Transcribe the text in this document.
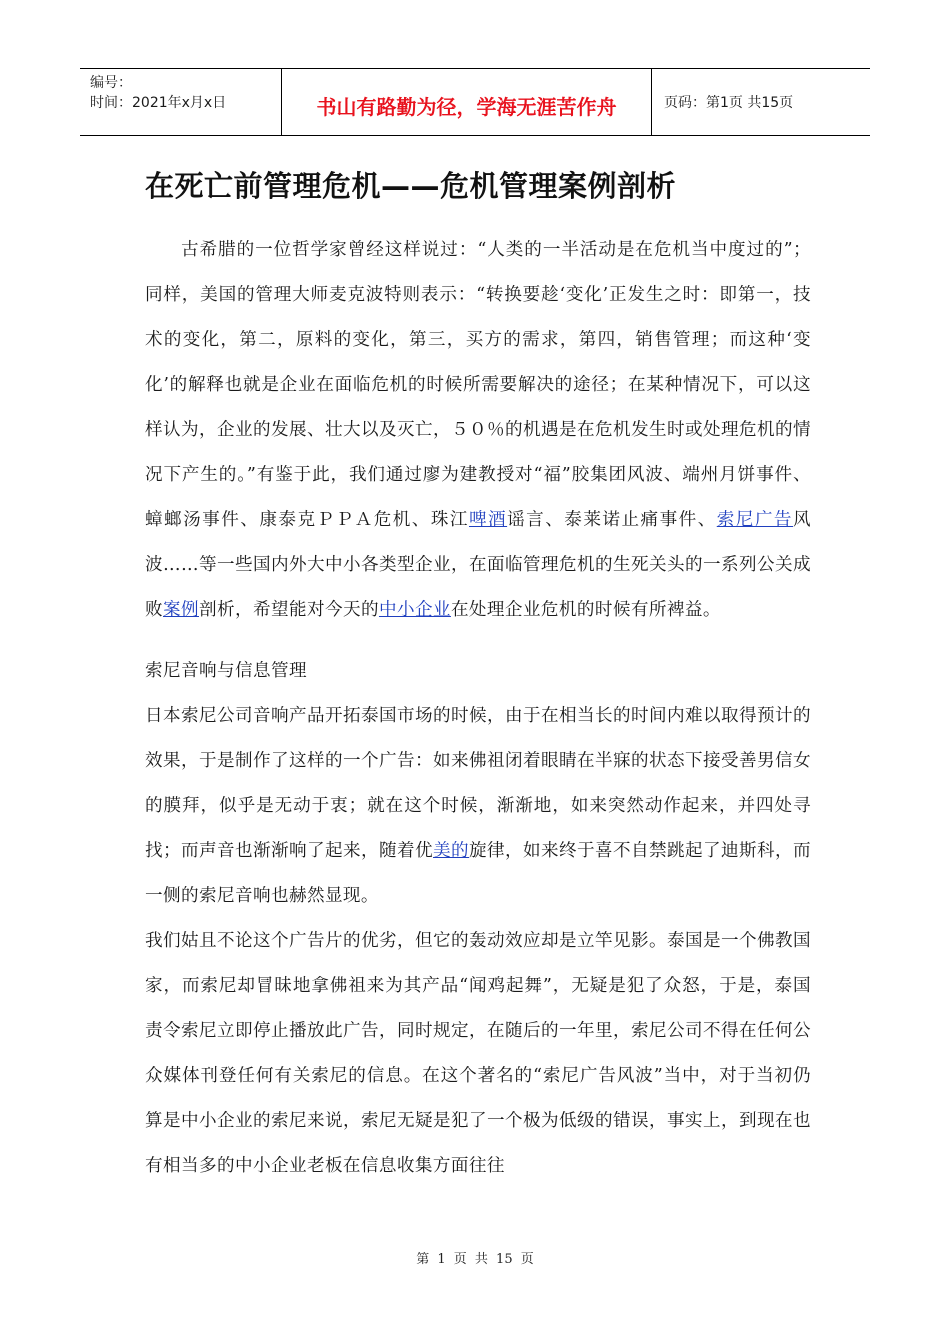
编号：
时间：2021年x月x日	书山有路勤为径，学海无涯苦作舟	页码：第1页 共15页
在死亡前管理危机——危机管理案例剖析

古希腊的一位哲学家曾经这样说过：“人类的一半活动是在危机当中度过的”；同样，美国的管理大师麦克波特则表示：“转换要趁‘变化’正发生之时：即第一，技术的变化，第二，原料的变化，第三，买方的需求，第四，销售管理；而这种‘变化’的解释也就是企业在面临危机的时候所需要解决的途径；在某种情况下，可以这样认为，企业的发展、壮大以及灭亡，５０％的机遇是在危机发生时或处理危机的情况下产生的。”有鉴于此，我们通过廖为建教授对“福”胶集团风波、端州月饼事件、蟑螂汤事件、康泰克ＰＰＡ危机、珠江啤酒谣言、泰莱诺止痛事件、索尼广告风波……等一些国内外大中小各类型企业，在面临管理危机的生死关头的一系列公关成败案例剖析，希望能对今天的中小企业在处理企业危机的时候有所裨益。

索尼音响与信息管理

日本索尼公司音响产品开拓泰国市场的时候，由于在相当长的时间内难以取得预计的效果，于是制作了这样的一个广告：如来佛祖闭着眼睛在半寐的状态下接受善男信女的膜拜，似乎是无动于衷；就在这个时候，渐渐地，如来突然动作起来，并四处寻找；而声音也渐渐响了起来，随着优美的旋律，如来终于喜不自禁跳起了迪斯科，而一侧的索尼音响也赫然显现。

我们姑且不论这个广告片的优劣，但它的轰动效应却是立竿见影。泰国是一个佛教国家，而索尼却冒昧地拿佛祖来为其产品“闻鸡起舞”，无疑是犯了众怒，于是，泰国责令索尼立即停止播放此广告，同时规定，在随后的一年里，索尼公司不得在任何公众媒体刊登任何有关索尼的信息。在这个著名的“索尼广告风波”当中，对于当初仍算是中小企业的索尼来说，索尼无疑是犯了一个极为低级的错误，事实上，到现在也有相当多的中小企业老板在信息收集方面往往

第 1 页 共 15 页
